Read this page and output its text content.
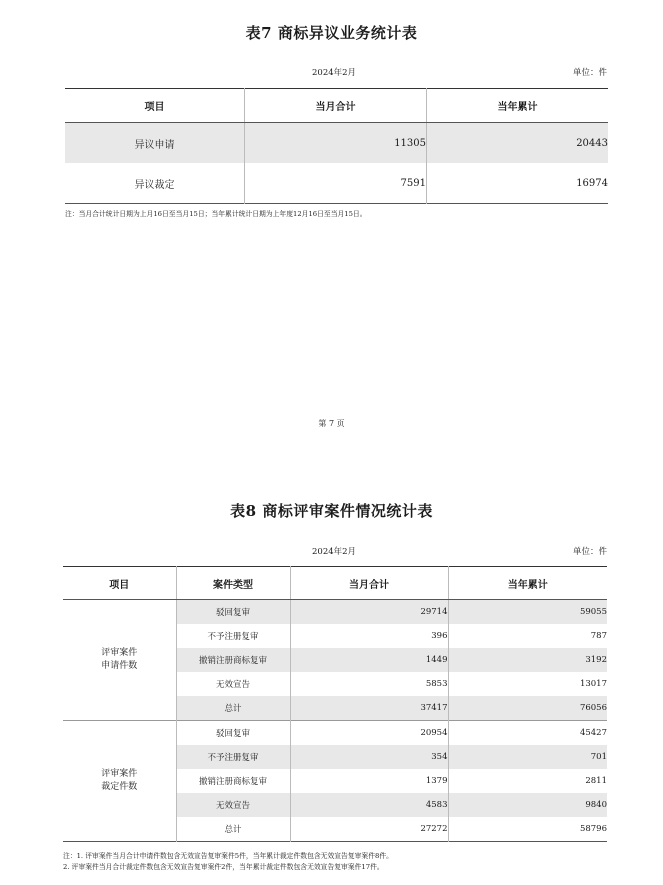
表7 商标异议业务统计表
2024年2月	单位：件
项目	当月合计	当年累计
异议申请	11305	20443
异议裁定	7591	16974
注：当月合计统计日期为上月16日至当月15日；当年累计统计日期为上年度12月16日至当月15日。
第 7 页
表8 商标评审案件情况统计表
2024年2月	单位：件
项目	案件类型	当月合计	当年累计
评审案件
申请件数	驳回复审	29714	59055
	不予注册复审	396	787
	撤销注册商标复审	1449	3192
	无效宣告	5853	13017
	总计	37417	76056
评审案件
裁定件数	驳回复审	20954	45427
	不予注册复审	354	701
	撤销注册商标复审	1379	2811
	无效宣告	4583	9840
	总计	27272	58796
注：1. 评审案件当月合计申请件数包含无效宣告复审案件5件，当年累计裁定件数包含无效宣告复审案件8件。
2. 评审案件当月合计裁定件数包含无效宣告复审案件2件，当年累计裁定件数包含无效宣告复审案件17件。
